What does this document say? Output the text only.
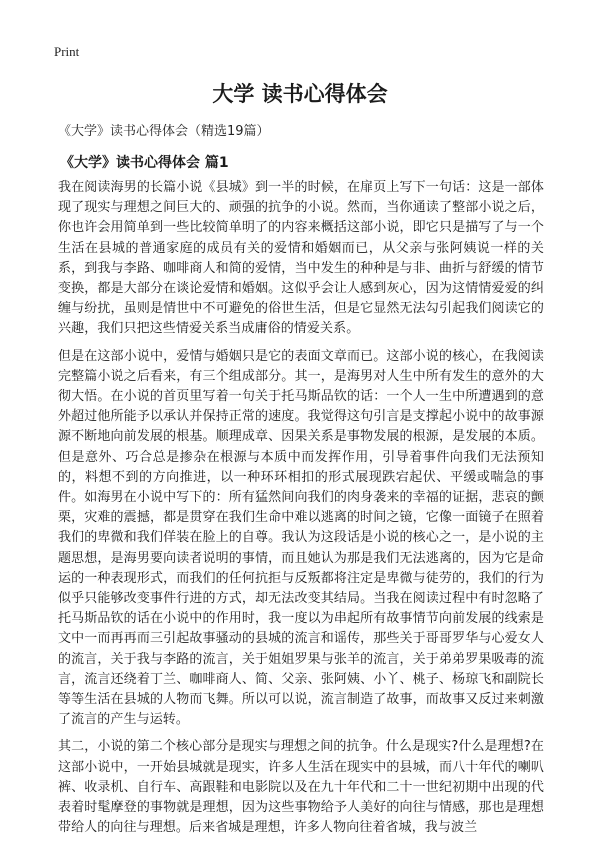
Print
大学 读书心得体会
《大学》读书心得体会（精选19篇）
《大学》读书心得体会 篇1

我在阅读海男的长篇小说《县城》到一半的时候，在扉页上写下一句话：这是一部体现了现实与理想之间巨大的、顽强的抗争的小说。然而，当你通读了整部小说之后，你也许会用简单到一些比较简单明了的内容来概括这部小说，即它只是描写了与一个生活在县城的普通家庭的成员有关的爱情和婚姻而已，从父亲与张阿姨说一样的关系，到我与李路、咖啡商人和简的爱情，当中发生的种种是与非、曲折与舒缓的情节变换，都是大部分在谈论爱情和婚姻。这似乎会让人感到灰心，因为这情情爱爱的纠缠与纷扰，虽则是情世中不可避免的俗世生活，但是它显然无法勾引起我们阅读它的兴趣，我们只把这些情爱关系当成庸俗的情爱关系。

但是在这部小说中，爱情与婚姻只是它的表面文章而已。这部小说的核心，在我阅读完整篇小说之后看来，有三个组成部分。其一，是海男对人生中所有发生的意外的大彻大悟。在小说的首页里写着一句关于托马斯品钦的话：一个人一生中所遭遇到的意外超过他所能予以承认并保持正常的速度。我觉得这句引言是支撑起小说中的故事源源不断地向前发展的根基。顺理成章、因果关系是事物发展的根源，是发展的本质。但是意外、巧合总是掺杂在根源与本质中而发挥作用，引导着事件向我们无法预知的，料想不到的方向推进，以一种环环相扣的形式展现跌宕起伏、平缓或喘急的事件。如海男在小说中写下的：所有猛然间向我们的肉身袭来的幸福的证据，悲哀的颤栗，灾难的震撼，都是贯穿在我们生命中难以逃离的时间之镜，它像一面镜子在照着我们的卑微和我们佯装在脸上的自尊。我认为这段话是小说的核心之一，是小说的主题思想，是海男要向读者说明的事情，而且她认为那是我们无法逃离的，因为它是命运的一种表现形式，而我们的任何抗拒与反叛都将注定是卑微与徒劳的，我们的行为似乎只能够改变事件行进的方式，却无法改变其结局。当我在阅读过程中有时忽略了托马斯品钦的话在小说中的作用时，我一度以为串起所有故事情节向前发展的线索是文中一而再再而三引起故事骚动的县城的流言和谣传，那些关于哥哥罗华与心爱女人的流言，关于我与李路的流言，关于姐姐罗果与张羊的流言，关于弟弟罗果吸毒的流言，流言还绕着丁兰、咖啡商人、简、父亲、张阿姨、小丫、桃子、杨琼飞和副院长等等生活在县城的人物而飞舞。所以可以说，流言制造了故事，而故事又反过来刺激了流言的产生与运转。

其二，小说的第二个核心部分是现实与理想之间的抗争。什么是现实?什么是理想?在这部小说中，一开始县城就是现实，许多人生活在现实中的县城，而八十年代的喇叭裤、收录机、自行车、高跟鞋和电影院以及在九十年代和二十一世纪初期中出现的代表着时髦摩登的事物就是理想，因为这些事物给予人美好的向往与情感，那也是理想带给人的向往与理想。后来省城是理想，许多人物向往着省城，我与波兰
